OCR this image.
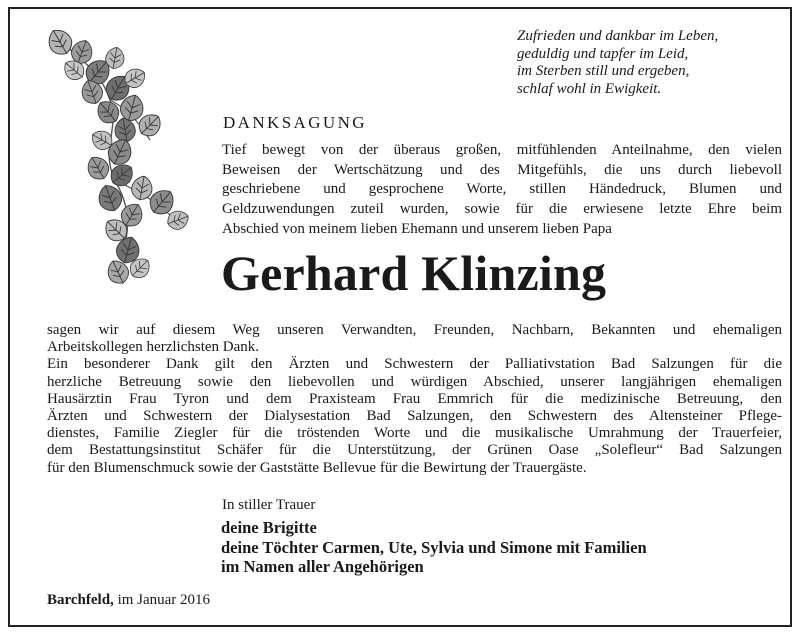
Zufrieden und dankbar im Leben,
geduldig und tapfer im Leid,
im Sterben still und ergeben,
schlaf wohl in Ewigkeit.
DANKSAGUNG
Tief bewegt von der überaus großen, mitfühlenden Anteilnahme, den vielen
Beweisen der Wertschätzung und des Mitgefühls, die uns durch liebevoll
geschriebene und gesprochene Worte, stillen Händedruck, Blumen und
Geldzuwendungen zuteil wurden, sowie für die erwiesene letzte Ehre beim
Abschied von meinem lieben Ehemann und unserem lieben Papa
Gerhard Klinzing
sagen wir auf diesem Weg unseren Verwandten, Freunden, Nachbarn, Bekannten und ehemaligen
Arbeitskollegen herzlichsten Dank.
Ein besonderer Dank gilt den Ärzten und Schwestern der Palliativstation Bad Salzungen für die
herzliche Betreuung sowie den liebevollen und würdigen Abschied, unserer langjährigen ehemaligen
Hausärztin Frau Tyron und dem Praxisteam Frau Emmrich für die medizinische Betreuung, den
Ärzten und Schwestern der Dialysestation Bad Salzungen, den Schwestern des Altensteiner Pflege-
dienstes, Familie Ziegler für die tröstenden Worte und die musikalische Umrahmung der Trauerfeier,
dem Bestattungsinstitut Schäfer für die Unterstützung, der Grünen Oase „Solefleur“ Bad Salzungen
für den Blumenschmuck sowie der Gaststätte Bellevue für die Bewirtung der Trauergäste.
In stiller Trauer
deine Brigitte
deine Töchter Carmen, Ute, Sylvia und Simone mit Familien
im Namen aller Angehörigen
Barchfeld, im Januar 2016
